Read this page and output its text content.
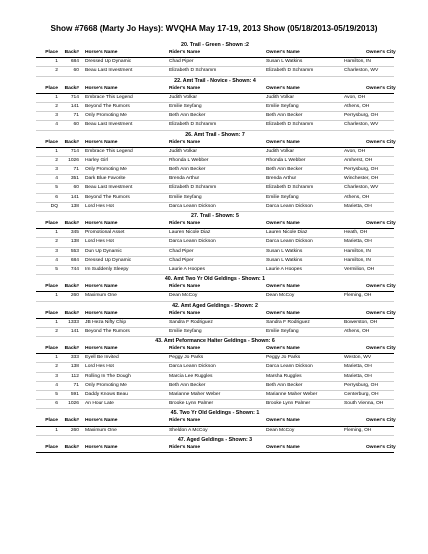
Show #7668 (Marty Jo Hays): WVQHA May 17-19, 2013 Show (05/18/2013-05/19/2013)
20. Trail - Green - Shown :2
Place	Back# Horse's Name	Rider's Name	Owner's Name	Owner's City
1	684 Dressed Up Dynamic	Chad Piper	Susan L Watkins	Hamilton, IN
2	60 Beau Last Investment	Elizabeth D Schramm	Elizabeth D Schramm	Charleston, WV
22. Amt Trail - Novice - Shown: 4
Place	Back# Horse's Name	Rider's Name	Owner's Name	Owner's City
1	714 Embrace This Legend	Judith Volkar	Judith Volkar	Avon, OH
2	141 Beyond The Rumors	Emilie Seyfang	Emilie Seyfang	Athens, OH
3	71 Only Promoting Me	Beth Ann Becker	Beth Ann Becker	Perrysburg, OH
4	60 Beau Last Investment	Elizabeth D Schramm	Elizabeth D Schramm	Charleston, WV
26. Amt Trail - Shown: 7
Place	Back# Horse's Name	Rider's Name	Owner's Name	Owner's City
1	714 Embrace This Legend	Judith Volkar	Judith Volkar	Avon, OH
2	1026 Harley Girl	Rhonda L Webber	Rhonda L Webber	Amherst, OH
3	71 Only Promoting Me	Beth Ann Becker	Beth Ann Becker	Perrysburg, OH
4	351 Dark Blue Favorite	Brenda Arthur	Brenda Arthur	Winchester, OH
5	60 Beau Last Investment	Elizabeth D Schramm	Elizabeth D Schramm	Charleston, WV
6	141 Beyond The Rumors	Emilie Seyfang	Emilie Seyfang	Athens, OH
DQ	138 Lord Hes Hot	Darca Leann Dickson	Darca Leann Dickson	Marietta, OH
27. Trail - Shown: 5
Place	Back# Horse's Name	Rider's Name	Owner's Name	Owner's City
1	345 Promotional Asset	Lauren Nicole Diaz	Lauren Nicole Diaz	Heath, OH
2	138 Lord Hes Hot	Darca Leann Dickson	Darca Leann Dickson	Marietta, OH
3	553 Dun Up Dynamic	Chad Piper	Susan L Watkins	Hamilton, IN
4	684 Dressed Up Dynamic	Chad Piper	Susan L Watkins	Hamilton, IN
5	744 Im Suddenly Sleepy	Laurie A Hoopes	Laurie A Hoopes	Vermilion, OH
40. Amt Two Yr Old Geldings - Shown: 1
Place	Back# Horse's Name	Rider's Name	Owner's Name	Owner's City
1	260 Maximum One	Dean McCoy	Dean McCoy	Fleming, OH
42. Amt Aged Geldings - Shown: 2
Place	Back# Horse's Name	Rider's Name	Owner's Name	Owner's City
1	1333 JB Heza Nifty Chip	Sandra F Rodriguez	Sandra F Rodriguez	Bowerston, OH
2	141 Beyond The Rumors	Emilie Seyfang	Emilie Seyfang	Athens, OH
43. Amt Peformance Halter Geldings - Shown: 6
Place	Back# Horse's Name	Rider's Name	Owner's Name	Owner's City
1	333 Eyell Be Invited	Peggy Jo Parks	Peggy Jo Parks	Weston, WV
2	138 Lord Hes Hot	Darca Leann Dickson	Darca Leann Dickson	Marietta, OH
3	112 Rolling In The Dough	Marcia Lee Ruggles	Marsha Ruggles	Marietta, OH
4	71 Only Promoting Me	Beth Ann Becker	Beth Ann Becker	Perrysburg, OH
5	591 Daddy Knows Beau	Marianne Maher Weber	Marianne Maher Weber	Centerburg, OH
6	1026 An Hour Late	Brooke Lynn Palmer	Brooke Lynn Palmer	South Vienna, OH
45. Two Yr Old Geldings - Shown: 1
Place	Back# Horse's Name	Rider's Name	Owner's Name	Owner's City
1	260 Maximum One	Sheldon A McCoy	Dean McCoy	Fleming, OH
47. Aged Geldings - Shown: 3
Place	Back# Horse's Name	Rider's Name	Owner's Name	Owner's City
